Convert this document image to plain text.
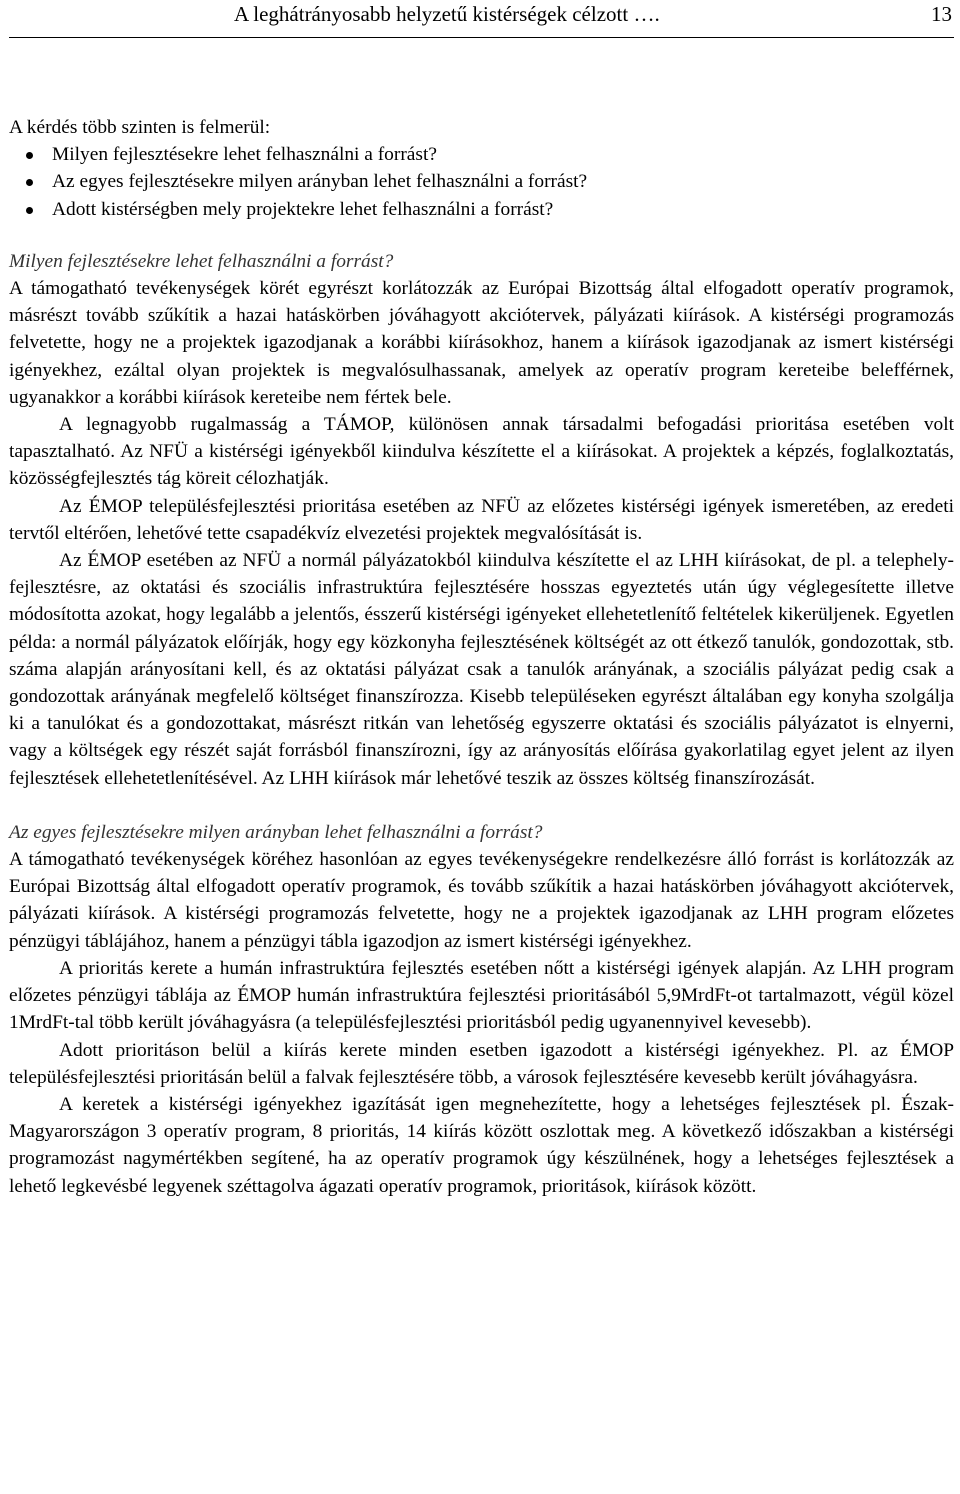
A leghátrányosabb helyzetű kistérségek célzott ….	13

A kérdés több szinten is felmerül:

Milyen fejlesztésekre lehet felhasználni a forrást?
Az egyes fejlesztésekre milyen arányban lehet felhasználni a forrást?
Adott kistérségben mely projektekre lehet felhasználni a forrást?

Milyen fejlesztésekre lehet felhasználni a forrást?

A támogatható tevékenységek körét egyrészt korlátozzák az Európai Bizottság által elfogadott operatív programok, másrészt tovább szűkítik a hazai hatáskörben jóváhagyott akciótervek, pályázati kiírások. A kistérségi programozás felvetette, hogy ne a projektek igazodjanak a korábbi kiírásokhoz, hanem a kiírások igazodjanak az ismert kistérségi igényekhez, ezáltal olyan projektek is megvalósulhassanak, amelyek az operatív program kereteibe belefférnek, ugyanakkor a korábbi kiírások kereteibe nem fértek bele.

A legnagyobb rugalmasság a TÁMOP, különösen annak társadalmi befogadási prioritása esetében volt tapasztalható. Az NFÜ a kistérségi igényekből kiindulva készítette el a kiírásokat. A projektek a képzés, foglalkoztatás, közösségfejlesztés tág köreit célozhatják.

Az ÉMOP településfejlesztési prioritása esetében az NFÜ az előzetes kistérségi igények ismeretében, az eredeti tervtől eltérően, lehetővé tette csapadékvíz elvezetési projektek megvalósítását is.

Az ÉMOP esetében az NFÜ a normál pályázatokból kiindulva készítette el az LHH kiírásokat, de pl. a telephely-fejlesztésre, az oktatási és szociális infrastruktúra fejlesztésére hosszas egyeztetés után úgy véglegesítette illetve módosította azokat, hogy legalább a jelentős, ésszerű kistérségi igényeket ellehetetlenítő feltételek kikerüljenek. Egyetlen példa: a normál pályázatok előírják, hogy egy közkonyha fejlesztésének költségét az ott étkező tanulók, gondozottak, stb. száma alapján arányosítani kell, és az oktatási pályázat csak a tanulók arányának, a szociális pályázat pedig csak a gondozottak arányának megfelelő költséget finanszírozza. Kisebb településeken egyrészt általában egy konyha szolgálja ki a tanulókat és a gondozottakat, másrészt ritkán van lehetőség egyszerre oktatási és szociális pályázatot is elnyerni, vagy a költségek egy részét saját forrásból finanszírozni, így az arányosítás előírása gyakorlatilag egyet jelent az ilyen fejlesztések ellehetetlenítésével. Az LHH kiírások már lehetővé teszik az összes költség finanszírozását.

Az egyes fejlesztésekre milyen arányban lehet felhasználni a forrást?

A támogatható tevékenységek köréhez hasonlóan az egyes tevékenységekre rendelkezésre álló forrást is korlátozzák az Európai Bizottság által elfogadott operatív programok, és tovább szűkítik a hazai hatáskörben jóváhagyott akciótervek, pályázati kiírások. A kistérségi programozás felvetette, hogy ne a projektek igazodjanak az LHH program előzetes pénzügyi táblájához, hanem a pénzügyi tábla igazodjon az ismert kistérségi igényekhez.

A prioritás kerete a humán infrastruktúra fejlesztés esetében nőtt a kistérségi igények alapján. Az LHH program előzetes pénzügyi táblája az ÉMOP humán infrastruktúra fejlesztési prioritásából 5,9MrdFt-ot tartalmazott, végül közel 1MrdFt-tal több került jóváhagyásra (a településfejlesztési prioritásból pedig ugyanennyivel kevesebb).

Adott prioritáson belül a kiírás kerete minden esetben igazodott a kistérségi igényekhez. Pl. az ÉMOP településfejlesztési prioritásán belül a falvak fejlesztésére több, a városok fejlesztésére kevesebb került jóváhagyásra.

A keretek a kistérségi igényekhez igazítását igen megnehezítette, hogy a lehetséges fejlesztések pl. Észak-Magyarországon 3 operatív program, 8 prioritás, 14 kiírás között oszlottak meg. A következő időszakban a kistérségi programozást nagymértékben segítené, ha az operatív programok úgy készülnének, hogy a lehetséges fejlesztések a lehető legkevésbé legyenek széttagolva ágazati operatív programok, prioritások, kiírások között.
